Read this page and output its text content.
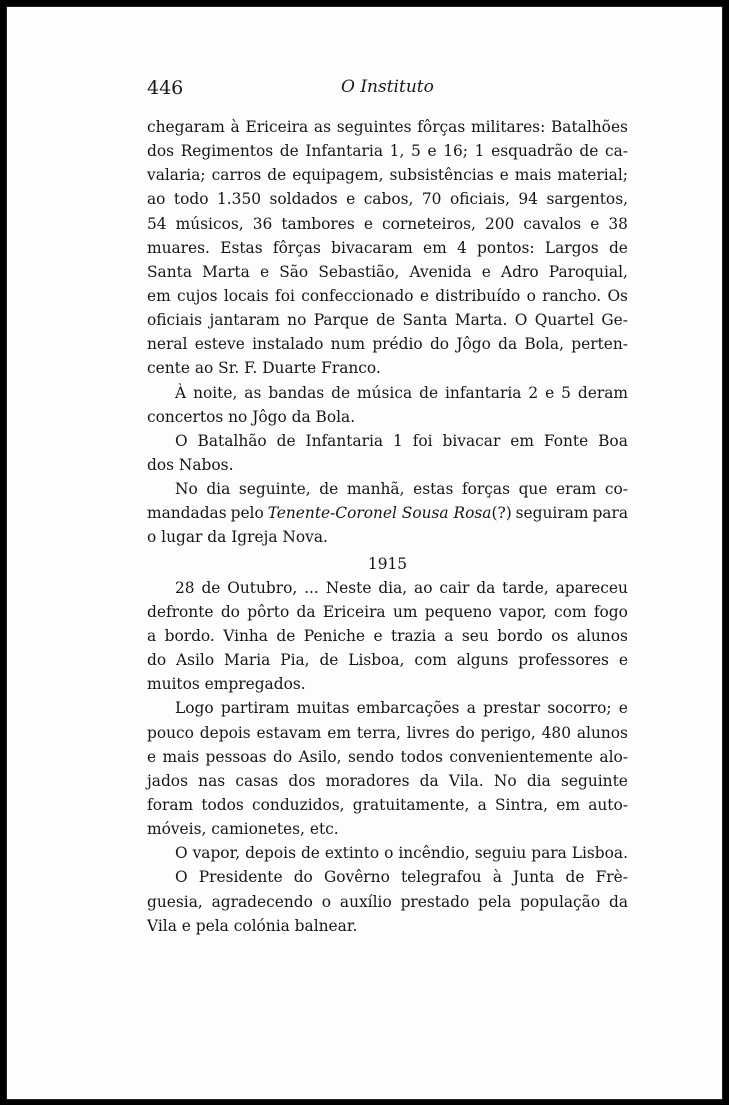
446	O Instituto
chegaram à Ericeira as seguintes fôrças militares: Batalhões
dos Regimentos de Infantaria 1, 5 e 16; 1 esquadrão de ca-
valaria; carros de equipagem, subsistências e mais material;
ao todo 1.350 soldados e cabos, 70 oficiais, 94 sargentos,
54 músicos, 36 tambores e corneteiros, 200 cavalos e 38
muares. Estas fôrças bivacaram em 4 pontos: Largos de
Santa Marta e São Sebastião, Avenida e Adro Paroquial,
em cujos locais foi confeccionado e distribuído o rancho. Os
oficiais jantaram no Parque de Santa Marta. O Quartel Ge-
neral esteve instalado num prédio do Jôgo da Bola, perten-
cente ao Sr. F. Duarte Franco.
À noite, as bandas de música de infantaria 2 e 5 deram
concertos no Jôgo da Bola.
O Batalhão de Infantaria 1 foi bivacar em Fonte Boa
dos Nabos.
No dia seguinte, de manhã, estas forças que eram co-
mandadas pelo Tenente-Coronel Sousa Rosa(?) seguiram para
o lugar da Igreja Nova.
1915
28 de Outubro, ... Neste dia, ao cair da tarde, apareceu
defronte do pôrto da Ericeira um pequeno vapor, com fogo
a bordo. Vinha de Peniche e trazia a seu bordo os alunos
do Asilo Maria Pia, de Lisboa, com alguns professores e
muitos empregados.
Logo partiram muitas embarcações a prestar socorro; e
pouco depois estavam em terra, livres do perigo, 480 alunos
e mais pessoas do Asilo, sendo todos convenientemente alo-
jados nas casas dos moradores da Vila. No dia seguinte
foram todos conduzidos, gratuitamente, a Sintra, em auto-
móveis, camionetes, etc.
O vapor, depois de extinto o incêndio, seguiu para Lisboa.
O Presidente do Govêrno telegrafou à Junta de Frè-
guesia, agradecendo o auxílio prestado pela população da
Vila e pela colónia balnear.
